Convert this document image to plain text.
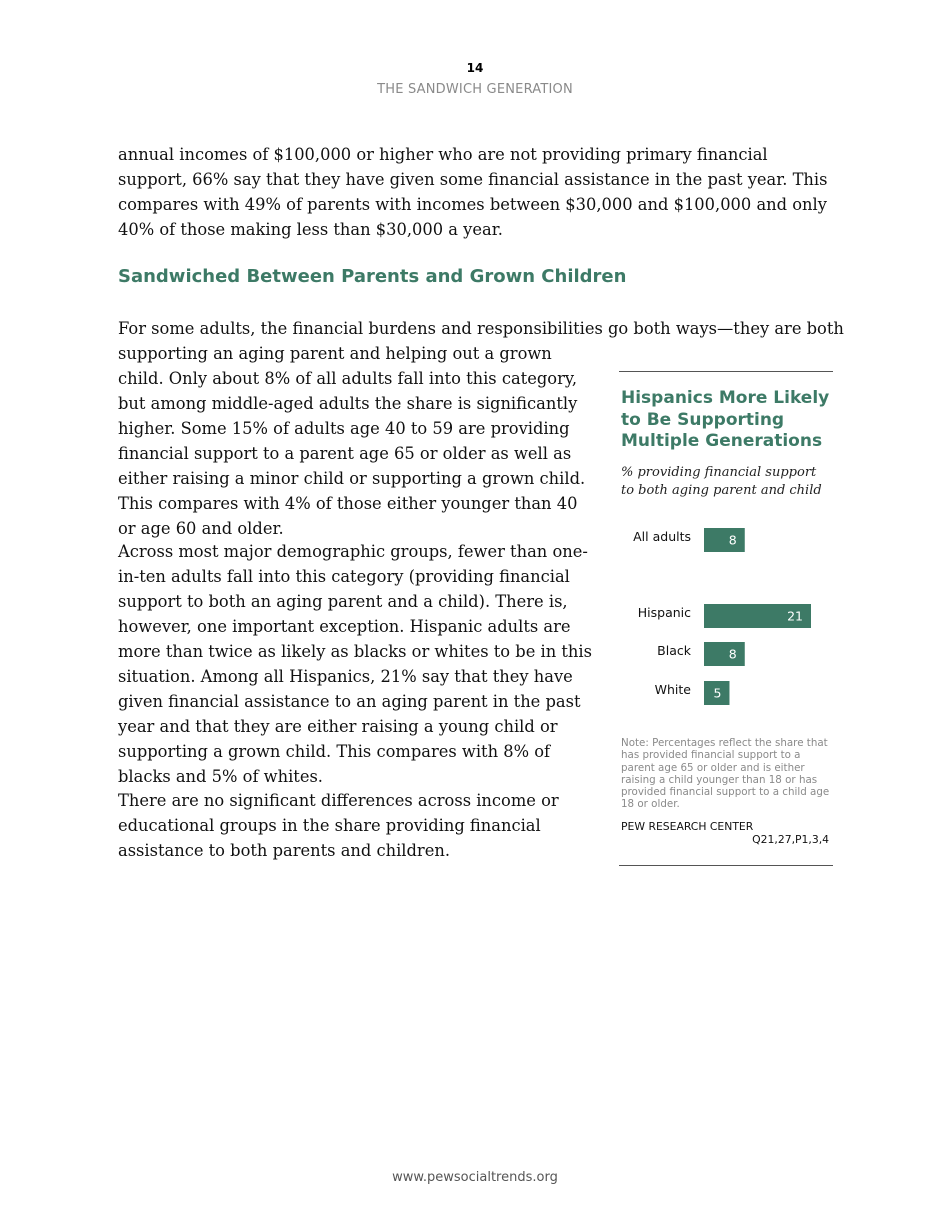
14
THE SANDWICH GENERATION

annual incomes of $100,000 or higher who are not providing primary financial support, 66% say that they have given some financial assistance in the past year. This compares with 49% of parents with incomes between $30,000 and $100,000 and only 40% of those making less than $30,000 a year.

Sandwiched Between Parents and Grown Children

For some adults, the financial burdens and responsibilities go both ways—they are both

supporting an aging parent and helping out a grown child. Only about 8% of all adults fall into this category, but among middle-aged adults the share is significantly higher. Some 15% of adults age 40 to 59 are providing financial support to a parent age 65 or older as well as either raising a minor child or supporting a grown child. This compares with 4% of those either younger than 40 or age 60 and older.

Across most major demographic groups, fewer than one-in-ten adults fall into this category (providing financial support to both an aging parent and a child). There is, however, one important exception. Hispanic adults are more than twice as likely as blacks or whites to be in this situation. Among all Hispanics, 21% say that they have given financial assistance to an aging parent in the past year and that they are either raising a young child or supporting a grown child. This compares with 8% of blacks and 5% of whites.

There are no significant differences across income or educational groups in the share providing financial assistance to both parents and children.

Hispanics More Likely to Be Supporting Multiple Generations

% providing financial support to both aging parent and child

All adults	8
Hispanic	21
Black	8
White 5

Note: Percentages reflect the share that has provided financial support to a parent age 65 or older and is either raising a child younger than 18 or has provided financial support to a child age 18 or older.

PEW RESEARCH CENTER

Q21,27,P1,3,4

www.pewsocialtrends.org
